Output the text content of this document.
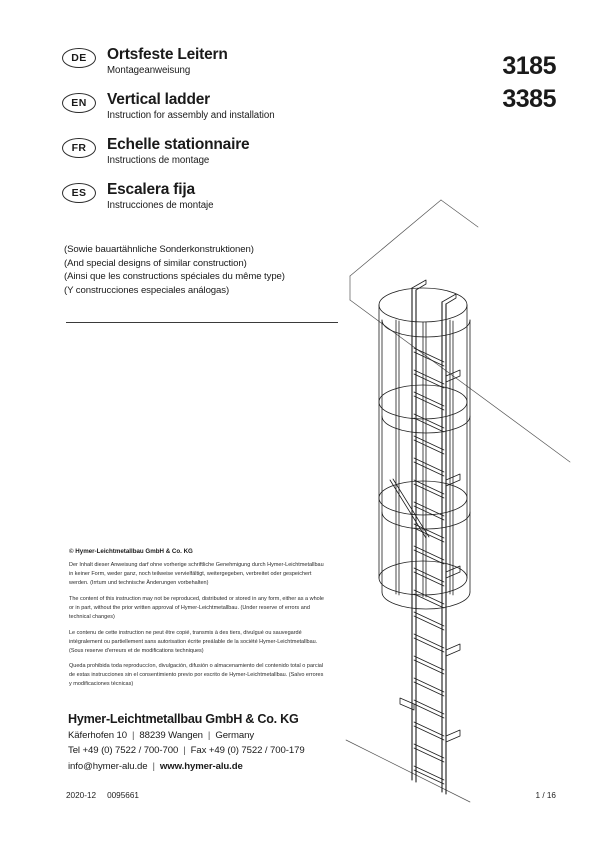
DE	Ortsfeste Leitern
Montageanweisung
EN	Vertical ladder
Instruction for assembly and installation
FR	Echelle stationnaire
Instructions de montage
ES	Escalera fija
Instrucciones de montaje
(Sowie bauartähnliche Sonderkonstruktionen)
(And special designs of similar construction)
(Ainsi que les constructions spéciales du même type)
(Y construcciones especiales análogas)
3185
3385
© Hymer-Leichtmetallbau GmbH & Co. KG

Der Inhalt dieser Anweisung darf ohne vorherige schriftliche Genehmigung durch Hymer-Leichtmetallbau in keiner Form, weder ganz, noch teilweise vervielfältigt, weitergegeben, verbreitet oder gespeichert werden. (Irrtum und technische Änderungen vorbehalten)

The content of this instruction may not be reproduced, distributed or stored in any form, either as a whole or in part, without the prior written approval of Hymer-Leichtmetallbau. (Under reserve of errors and technical changes)

Le contenu de cette instruction ne peut être copié, transmis à des tiers, divulgué ou sauvegardé intégralement ou partiellement sans autorisation écrite preálable de la société Hymer-Leichtmetallbau. (Sous reserve d'erreurs et de modifications techniques)

Queda prohibida toda reproduccíon, divulgación, difusión o almacenamiento del contenido total o parcial de estas instrucciones sin el consentimiento previo por escrito de Hymer-Leichtmetallbau. (Salvo errores y modificaciones técnicas)

Hymer-Leichtmetallbau GmbH & Co. KG
Käferhofen 10 | 88239 Wangen | Germany
Tel +49 (0) 7522 / 700-700 | Fax +49 (0) 7522 / 700-179
info@hymer-alu.de | www.hymer-alu.de
2020-12 0095661	1 / 16
